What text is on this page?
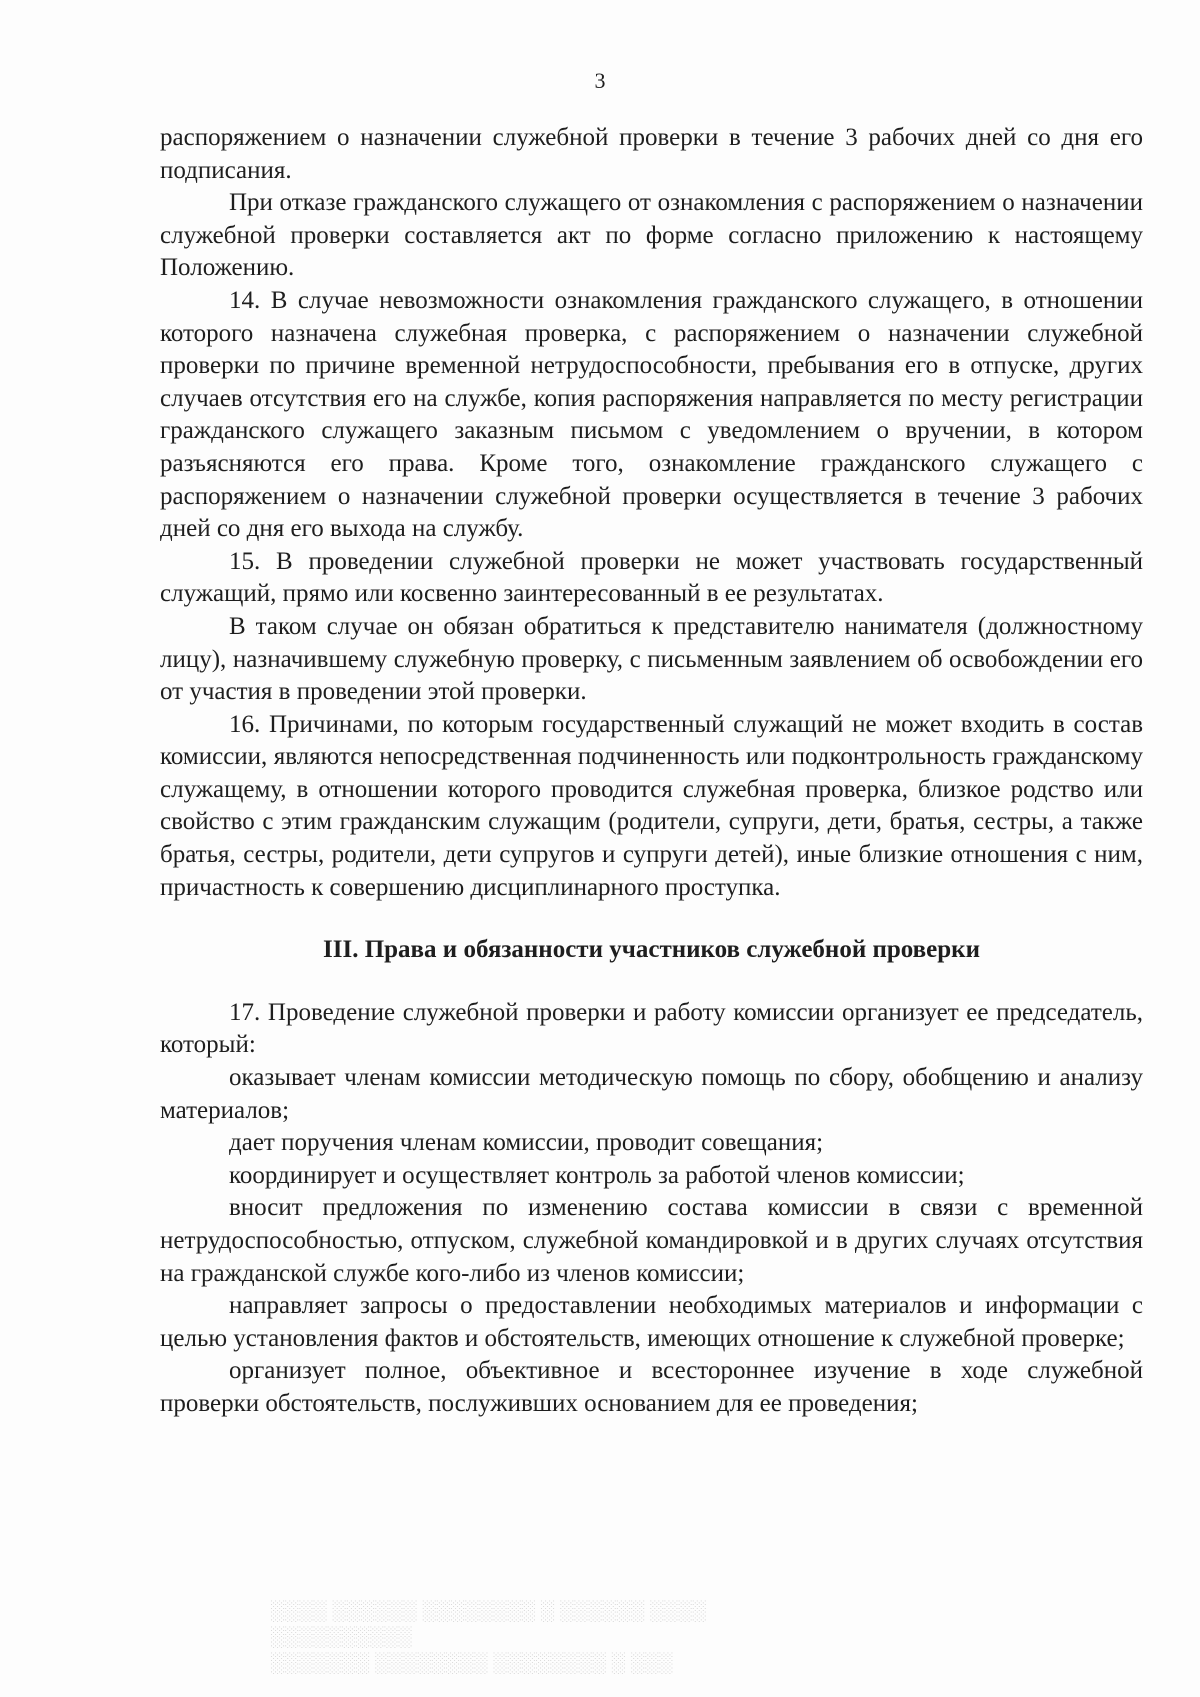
3

распоряжением о назначении служебной проверки в течение 3 рабочих дней со дня его подписания.

При отказе гражданского служащего от ознакомления с распоряжением о назначении служебной проверки составляется акт по форме согласно приложению к настоящему Положению.

14. В случае невозможности ознакомления гражданского служащего, в отношении которого назначена служебная проверка, с распоряжением о назначении служебной проверки по причине временной нетрудоспособности, пребывания его в отпуске, других случаев отсутствия его на службе, копия распоряжения направляется по месту регистрации гражданского служащего заказным письмом с уведомлением о вручении, в котором разъясняются его права. Кроме того, ознакомление гражданского служащего с распоряжением о назначении служебной проверки осуществляется в течение 3 рабочих дней со дня его выхода на службу.

15. В проведении служебной проверки не может участвовать государственный служащий, прямо или косвенно заинтересованный в ее результатах.

В таком случае он обязан обратиться к представителю нанимателя (должностному лицу), назначившему служебную проверку, с письменным заявлением об освобождении его от участия в проведении этой проверки.

16. Причинами, по которым государственный служащий не может входить в состав комиссии, являются непосредственная подчиненность или подконтрольность гражданскому служащему, в отношении которого проводится служебная проверка, близкое родство или свойство с этим гражданским служащим (родители, супруги, дети, братья, сестры, а также братья, сестры, родители, дети супругов и супруги детей), иные близкие отношения с ним, причастность к совершению дисциплинарного проступка.

III. Права и обязанности участников служебной проверки

17. Проведение служебной проверки и работу комиссии организует ее председатель, который:

оказывает членам комиссии методическую помощь по сбору, обобщению и анализу материалов;

дает поручения членам комиссии, проводит совещания;

координирует и осуществляет контроль за работой членов комиссии;

вносит предложения по изменению состава комиссии в связи с временной нетрудоспособностью, отпуском, служебной командировкой и в других случаях отсутствия на гражданской службе кого-либо из членов комиссии;

направляет запросы о предоставлении необходимых материалов и информации с целью установления фактов и обстоятельств, имеющих отношение к служебной проверке;

организует полное, объективное и всестороннее изучение в ходе служебной проверки обстоятельств, послуживших основанием для ее проведения;

░░░░ ░░░░░░ ░░░░░░░░ ░ ░░░░░░ ░░░░
░░░░░░░░░░
░░░░░░░ ░░░░░░░░ ░░░░░░░░ ░ ░░░
